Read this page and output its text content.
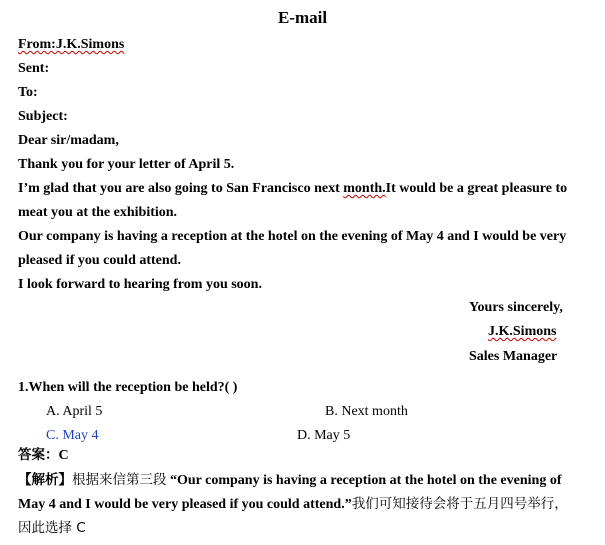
E-mail
From:J.K.Simons
Sent:
To:
Subject:
Dear sir/madam,
Thank you for your letter of April 5.
I’m glad that you are also going to San Francisco next month.It would be a great pleasure to
meat you at the exhibition.
Our company is having a reception at the hotel on the evening of May 4 and I would be very
pleased if you could attend.
I look forward to hearing from you soon.
Yours sincerely,
J.K.Simons
Sales Manager
1.When will the reception be held?( )
A. April 5	B. Next month
C. May 4	D. May 5
答案：C
【解析】根据来信第三段 “Our company is having a reception at the hotel on the evening of
May 4 and I would be very pleased if you could attend.”我们可知接待会将于五月四号举行，
因此选择 C
